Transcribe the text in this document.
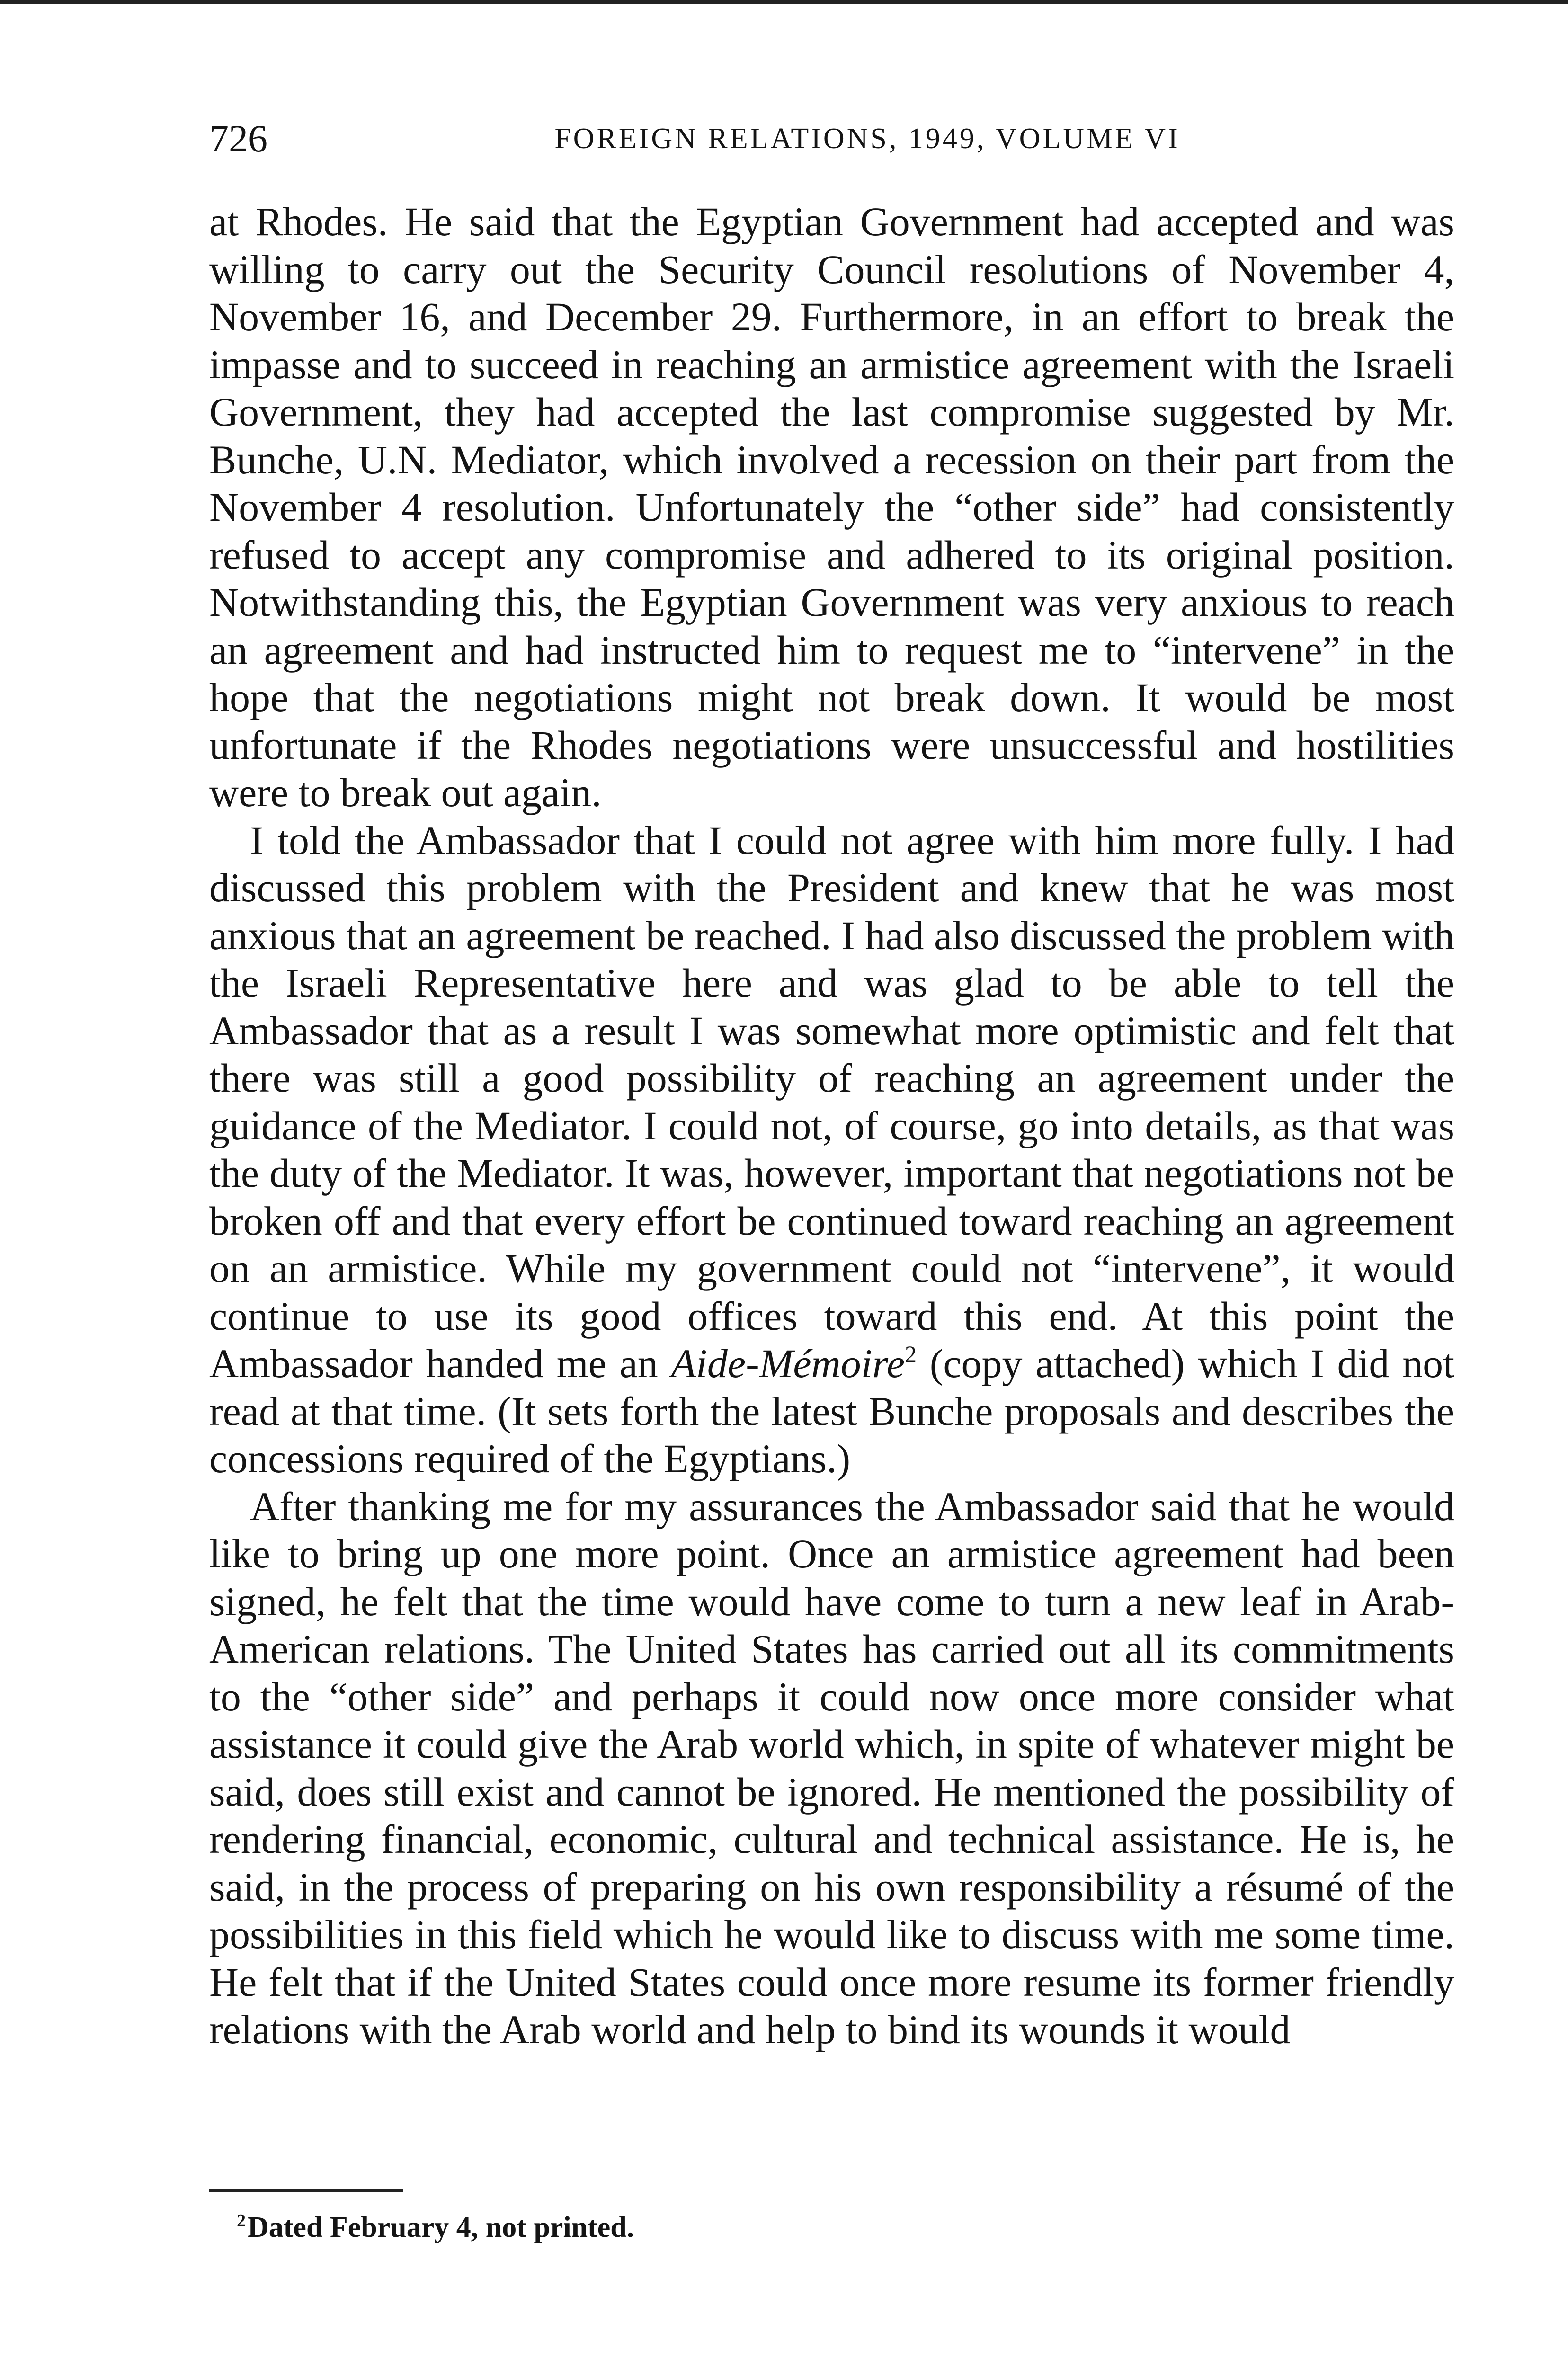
726	FOREIGN RELATIONS, 1949, VOLUME VI

at Rhodes. He said that the Egyptian Government had accepted and was willing to carry out the Security Council resolutions of November 4, November 16, and December 29. Furthermore, in an effort to break the impasse and to succeed in reaching an armistice agreement with the Israeli Government, they had accepted the last compromise suggested by Mr. Bunche, U.N. Mediator, which involved a recession on their part from the November 4 resolution. Unfortunately the “other side” had consistently refused to accept any compromise and adhered to its original position. Notwithstanding this, the Egyptian Government was very anxious to reach an agreement and had instructed him to request me to “intervene” in the hope that the negotiations might not break down. It would be most unfortunate if the Rhodes negotiations were unsuccessful and hostilities were to break out again.

I told the Ambassador that I could not agree with him more fully. I had discussed this problem with the President and knew that he was most anxious that an agreement be reached. I had also discussed the problem with the Israeli Representative here and was glad to be able to tell the Ambassador that as a result I was somewhat more optimistic and felt that there was still a good possibility of reaching an agreement under the guidance of the Mediator. I could not, of course, go into details, as that was the duty of the Mediator. It was, however, important that negotiations not be broken off and that every effort be continued toward reaching an agreement on an armistice. While my government could not “intervene”, it would continue to use its good offices toward this end. At this point the Ambassador handed me an Aide-Mémoire$^2$ (copy attached) which I did not read at that time. (It sets forth the latest Bunche proposals and describes the concessions required of the Egyptians.)

After thanking me for my assurances the Ambassador said that he would like to bring up one more point. Once an armistice agreement had been signed, he felt that the time would have come to turn a new leaf in Arab-American relations. The United States has carried out all its commitments to the “other side” and perhaps it could now once more consider what assistance it could give the Arab world which, in spite of whatever might be said, does still exist and cannot be ignored. He mentioned the possibility of rendering financial, economic, cultural and technical assistance. He is, he said, in the process of preparing on his own responsibility a résumé of the possibilities in this field which he would like to discuss with me some time. He felt that if the United States could once more resume its former friendly relations with the Arab world and help to bind its wounds it would

$^2$Dated February 4, not printed.
